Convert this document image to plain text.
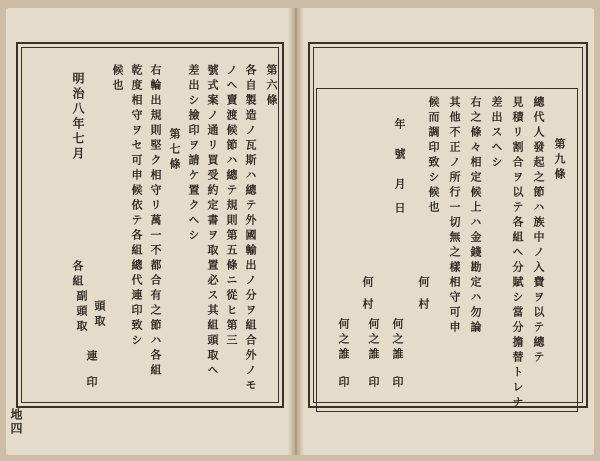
第六條
各自製造ノ瓦斯ハ總テ外國輸出ノ分ヲ組合外ノモ
ノヘ賣渡候節ハ總テ規則第五條ニ從ヒ第三
號式案ノ通リ買受約定書ヲ取置必ス其組頭取ヘ
差出シ撿印ヲ請ケ置クヘシ
第七條
右輪出規則堅ク相守リ萬一不都合有之節ハ各組
乾度相守ヲセ可申候依テ各組總代連印致シ
候也
明治八年七月
各組
副頭取 頭取
連
印
地四
第九條
總代人發起之節ハ族中ノ入費ヲ以テ總テ
見積リ割合ヲ以テ各組ヘ分賦シ當分擔替トレナ
差出スヘシ
右之條々相定候上ハ金錢勘定ハ勿論
其他不正ノ所行一切無之樣相守可申
候而調印致シ候也
年
號
月
日
何
村
何
村
何之誰
印
何之誰
印
何之誰
印
